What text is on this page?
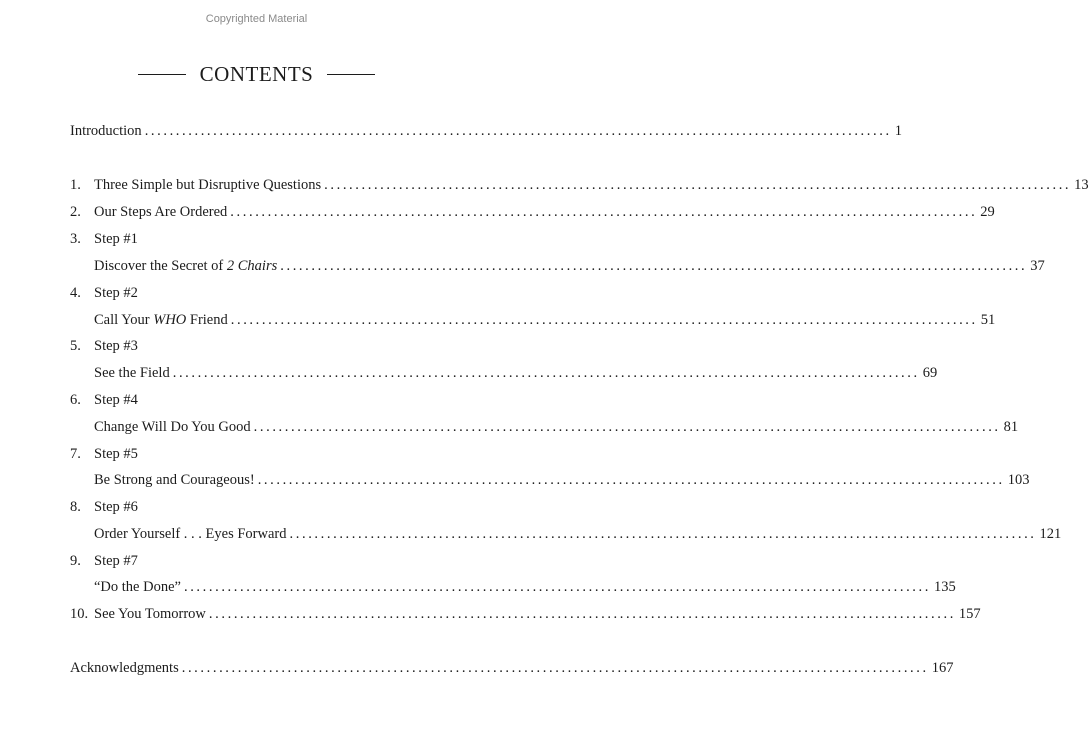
Copyrighted Material
CONTENTS
Introduction ........................................................................................................................ 1
1. Three Simple but Disruptive Questions ........................................................................................................................ 13
2. Our Steps Are Ordered ........................................................................................................................ 29
3. Step #1
Discover the Secret of 2 Chairs ........................................................................................................................ 37
4. Step #2
Call Your WHO Friend ........................................................................................................................ 51
5. Step #3
See the Field ........................................................................................................................ 69
6. Step #4
Change Will Do You Good ........................................................................................................................ 81
7. Step #5
Be Strong and Courageous! ........................................................................................................................ 103
8. Step #6
Order Yourself . . . Eyes Forward ........................................................................................................................ 121
9. Step #7
“Do the Done” ........................................................................................................................ 135
10. See You Tomorrow ........................................................................................................................ 157
Acknowledgments ........................................................................................................................ 167
